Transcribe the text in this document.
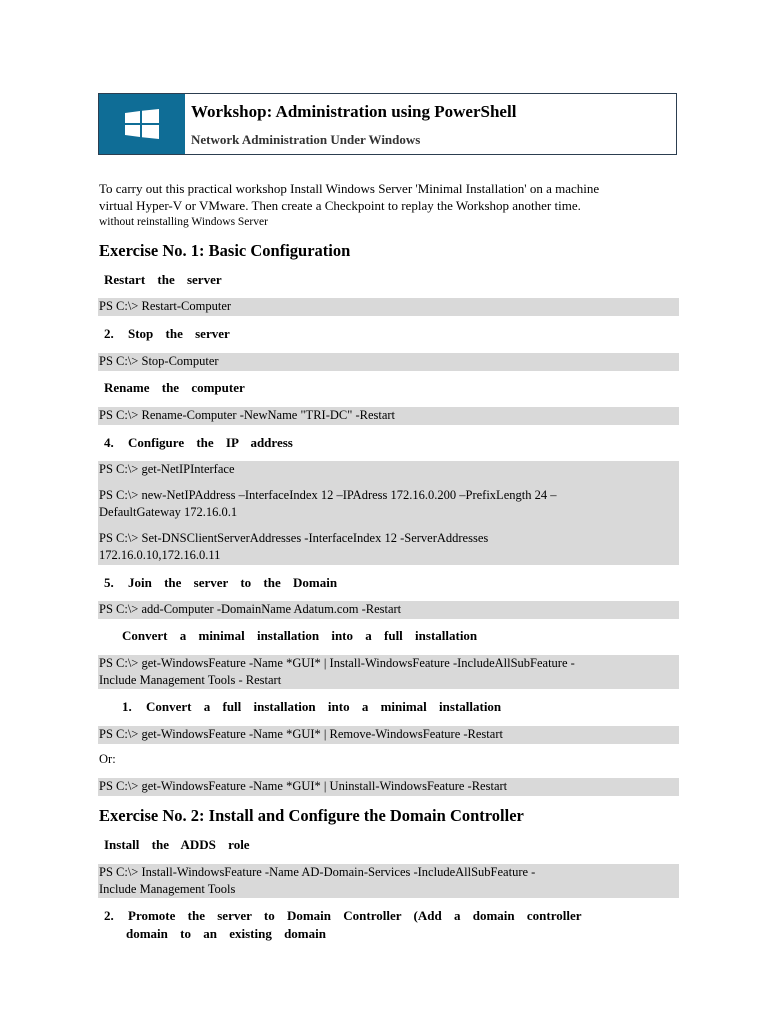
Workshop: Administration using PowerShell
Network Administration Under Windows
To carry out this practical workshop Install Windows Server 'Minimal Installation' on a machine
virtual Hyper-V or VMware. Then create a Checkpoint to replay the Workshop another time.
without reinstalling Windows Server
Exercise No. 1: Basic Configuration
Restart the server

PS C:\> Restart-Computer

2. Stop the server

PS C:\> Stop-Computer

Rename the computer

PS C:\> Rename-Computer -NewName "TRI-DC" -Restart

4. Configure the IP address

PS C:\> get-NetIPInterface

PS C:\> new-NetIPAddress –InterfaceIndex 12 –IPAdress 172.16.0.200 –PrefixLength 24 –

DefaultGateway 172.16.0.1

PS C:\> Set-DNSClientServerAddresses -InterfaceIndex 12 -ServerAddresses

172.16.0.10,172.16.0.11

5. Join the server to the Domain

PS C:\> add-Computer -DomainName Adatum.com -Restart

Convert a minimal installation into a full installation

PS C:\> get-WindowsFeature -Name *GUI* | Install-WindowsFeature -IncludeAllSubFeature -

Include Management Tools - Restart

1. Convert a full installation into a minimal installation

PS C:\> get-WindowsFeature -Name *GUI* | Remove-WindowsFeature -Restart

Or:

PS C:\> get-WindowsFeature -Name *GUI* | Uninstall-WindowsFeature -Restart

Exercise No. 2: Install and Configure the Domain Controller
Install the ADDS role

PS C:\> Install-WindowsFeature -Name AD-Domain-Services -IncludeAllSubFeature -

Include Management Tools

2. Promote the server to Domain Controller (Add a domain controller
domain to an existing domain
